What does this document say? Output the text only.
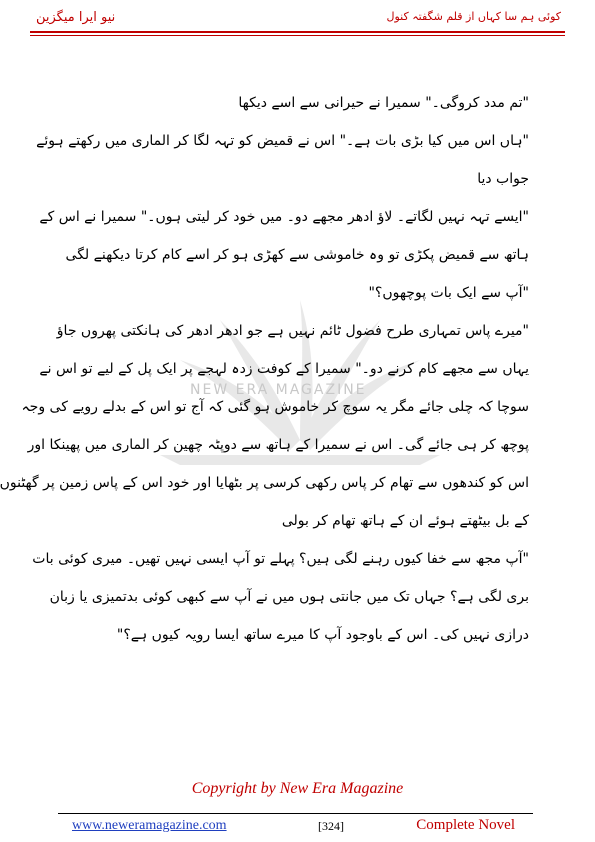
نیو ایرا میگزین	کوئی ہم سا کہاں از قلم شگفتہ کنول
NEW ERA MAGAZINE
"تم مدد کروگی۔" سمیرا نے حیرانی سے اسے دیکھا
"ہاں اس میں کیا بڑی بات ہے۔" اس نے قمیض کو تہہ لگا کر الماری میں رکھتے ہوئے
جواب دیا
"ایسے تہہ نہیں لگاتے۔ لاؤ ادھر مجھے دو۔ میں خود کر لیتی ہوں۔" سمیرا نے اس کے
ہاتھ سے قمیض پکڑی تو وہ خاموشی سے کھڑی ہو کر اسے کام کرتا دیکھنے لگی
"آپ سے ایک بات پوچھوں؟"
"میرے پاس تمہاری طرح فضول ٹائم نہیں ہے جو ادھر ادھر کی ہانکتی پھروں جاؤ
یہاں سے مجھے کام کرنے دو۔" سمیرا کے کوفت زدہ لہجے پر ایک پل کے لیے تو اس نے
سوچا کہ چلی جائے مگر یہ سوچ کر خاموش ہو گئی کہ آج تو اس کے بدلے رویے کی وجہ
پوچھ کر ہی جائے گی۔ اس نے سمیرا کے ہاتھ سے دوپٹہ چھین کر الماری میں پھینکا اور
اس کو کندھوں سے تھام کر پاس رکھی کرسی پر بٹھایا اور خود اس کے پاس زمین پر گھٹنوں
کے بل بیٹھتے ہوئے ان کے ہاتھ تھام کر بولی
"آپ مجھ سے خفا کیوں رہنے لگی ہیں؟ پہلے تو آپ ایسی نہیں تھیں۔ میری کوئی بات
بری لگی ہے؟ جہاں تک میں جانتی ہوں میں نے آپ سے کبھی کوئی بدتمیزی یا زبان
درازی نہیں کی۔ اس کے باوجود آپ کا میرے ساتھ ایسا رویہ کیوں ہے؟"
Copyright by New Era Magazine
www.neweramagazine.com	[324]	Complete Novel
